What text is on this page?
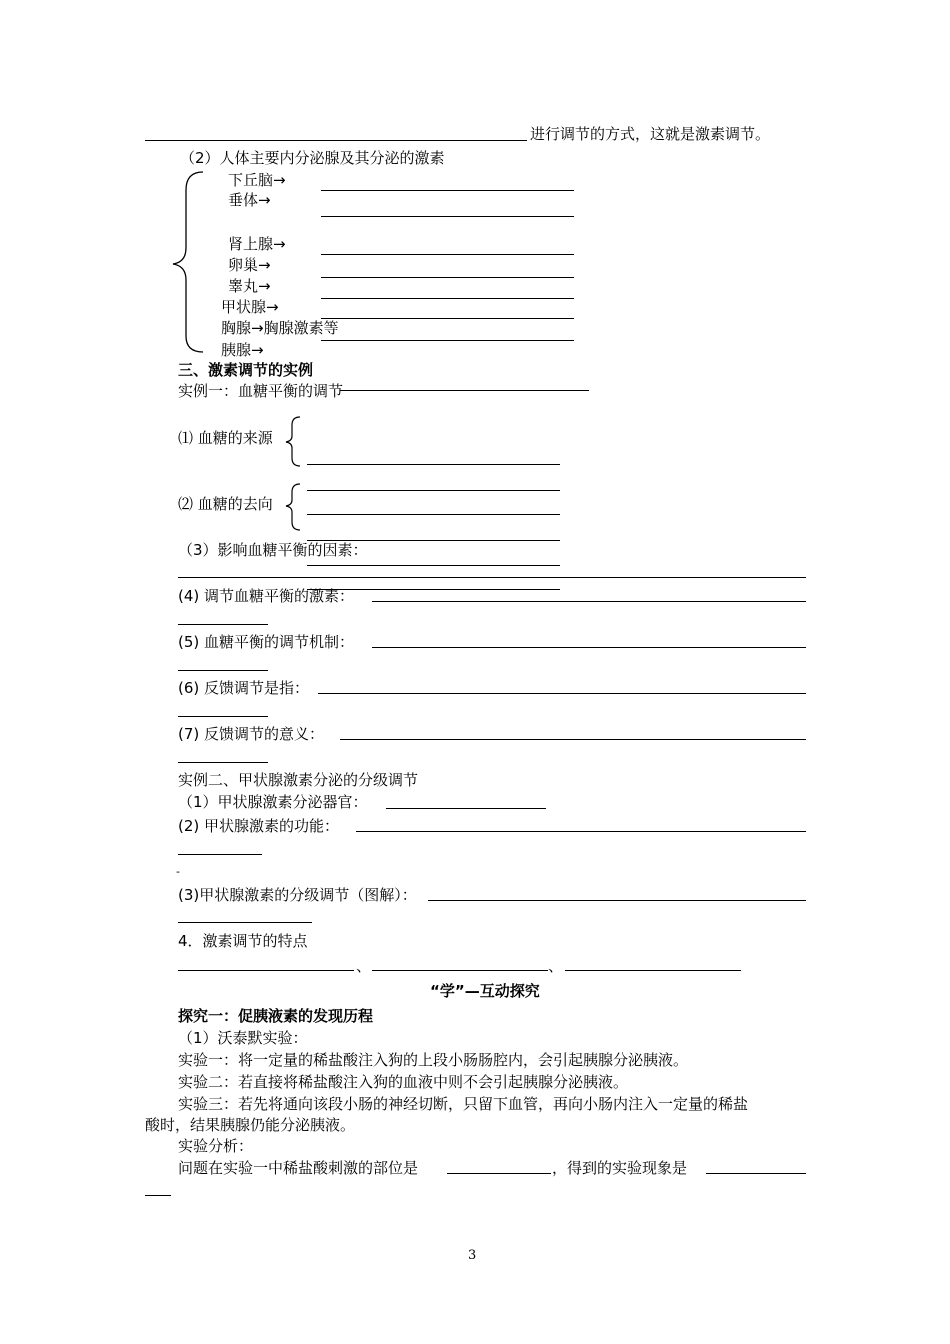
进行调节的方式，这就是激素调节。
（2）人体主要内分泌腺及其分泌的激素
下丘脑→
垂体→
肾上腺→
卵巢→
睾丸→
甲状腺→
胸腺→胸腺激素等
胰腺→
三、激素调节的实例
实例一：血糖平衡的调节
⑴ 血糖的来源
⑵ 血糖的去向
（3）影响血糖平衡的因素：
(4) 调节血糖平衡的激素：
(5) 血糖平衡的调节机制：
(6) 反馈调节是指：
(7) 反馈调节的意义：
实例二、甲状腺激素分泌的分级调节
（1）甲状腺激素分泌器官：
(2) 甲状腺激素的功能：
-
(3)甲状腺激素的分级调节（图解）：
4．激素调节的特点
、	、
“学”—互动探究
探究一：促胰液素的发现历程
（1）沃泰默实验：
实验一：将一定量的稀盐酸注入狗的上段小肠肠腔内，会引起胰腺分泌胰液。
实验二：若直接将稀盐酸注入狗的血液中则不会引起胰腺分泌胰液。
实验三：若先将通向该段小肠的神经切断，只留下血管，再向小肠内注入一定量的稀盐
酸时，结果胰腺仍能分泌胰液。
实验分析：
问题在实验一中稀盐酸刺激的部位是	，得到的实验现象是
3
